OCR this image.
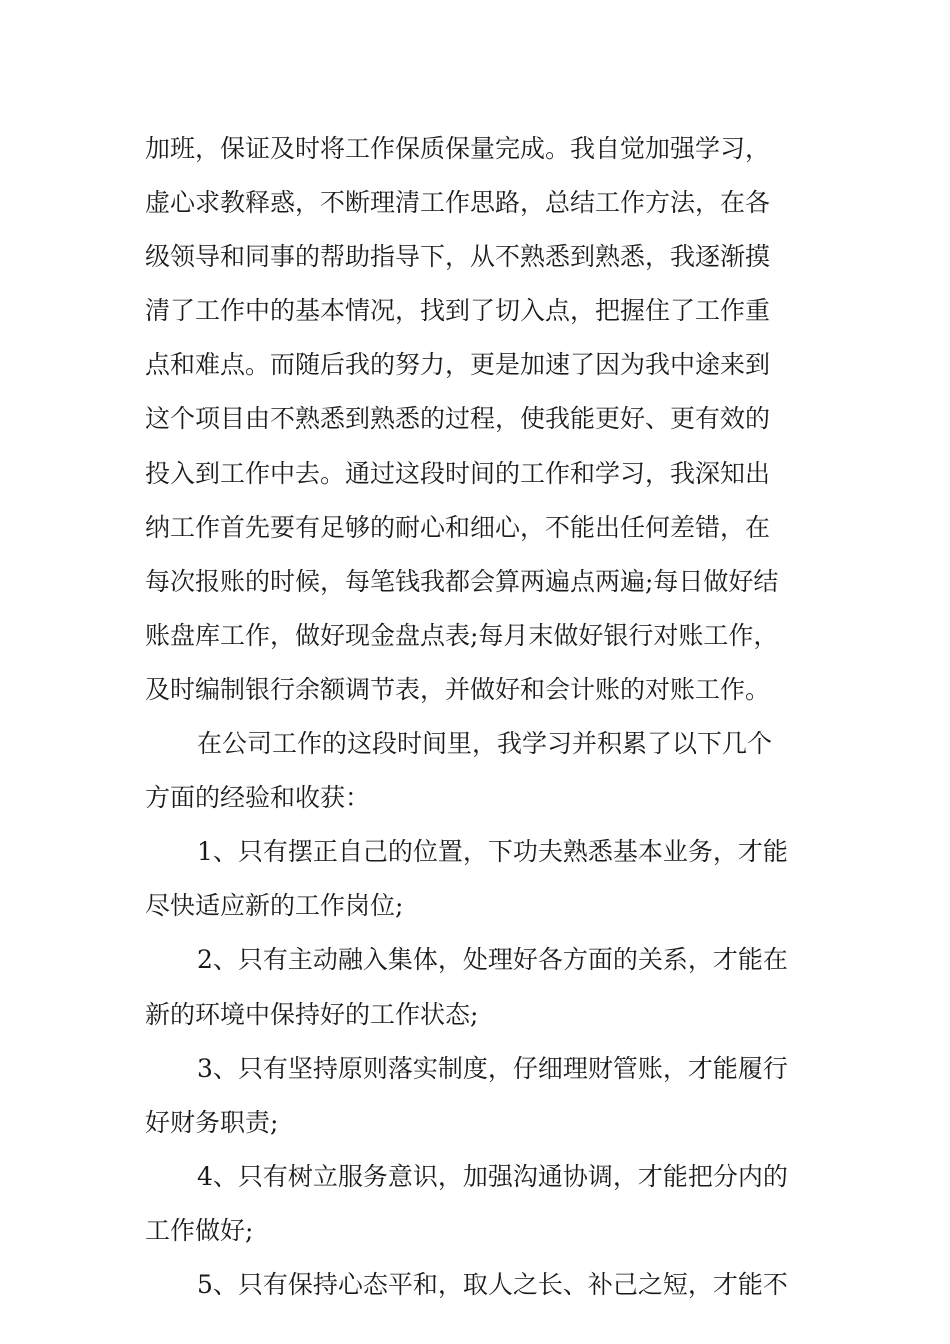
加班，保证及时将工作保质保量完成。我自觉加强学习，
虚心求教释惑，不断理清工作思路，总结工作方法，在各
级领导和同事的帮助指导下，从不熟悉到熟悉，我逐渐摸
清了工作中的基本情况，找到了切入点，把握住了工作重
点和难点。而随后我的努力，更是加速了因为我中途来到
这个项目由不熟悉到熟悉的过程，使我能更好、更有效的
投入到工作中去。通过这段时间的工作和学习，我深知出
纳工作首先要有足够的耐心和细心，不能出任何差错，在
每次报账的时候，每笔钱我都会算两遍点两遍;每日做好结
账盘库工作，做好现金盘点表;每月末做好银行对账工作，
及时编制银行余额调节表，并做好和会计账的对账工作。
在公司工作的这段时间里，我学习并积累了以下几个
方面的经验和收获：
1、只有摆正自己的位置，下功夫熟悉基本业务，才能
尽快适应新的工作岗位;
2、只有主动融入集体，处理好各方面的关系，才能在
新的环境中保持好的工作状态;
3、只有坚持原则落实制度，仔细理财管账，才能履行
好财务职责;
4、只有树立服务意识，加强沟通协调，才能把分内的
工作做好;
5、只有保持心态平和，取人之长、补己之短，才能不
